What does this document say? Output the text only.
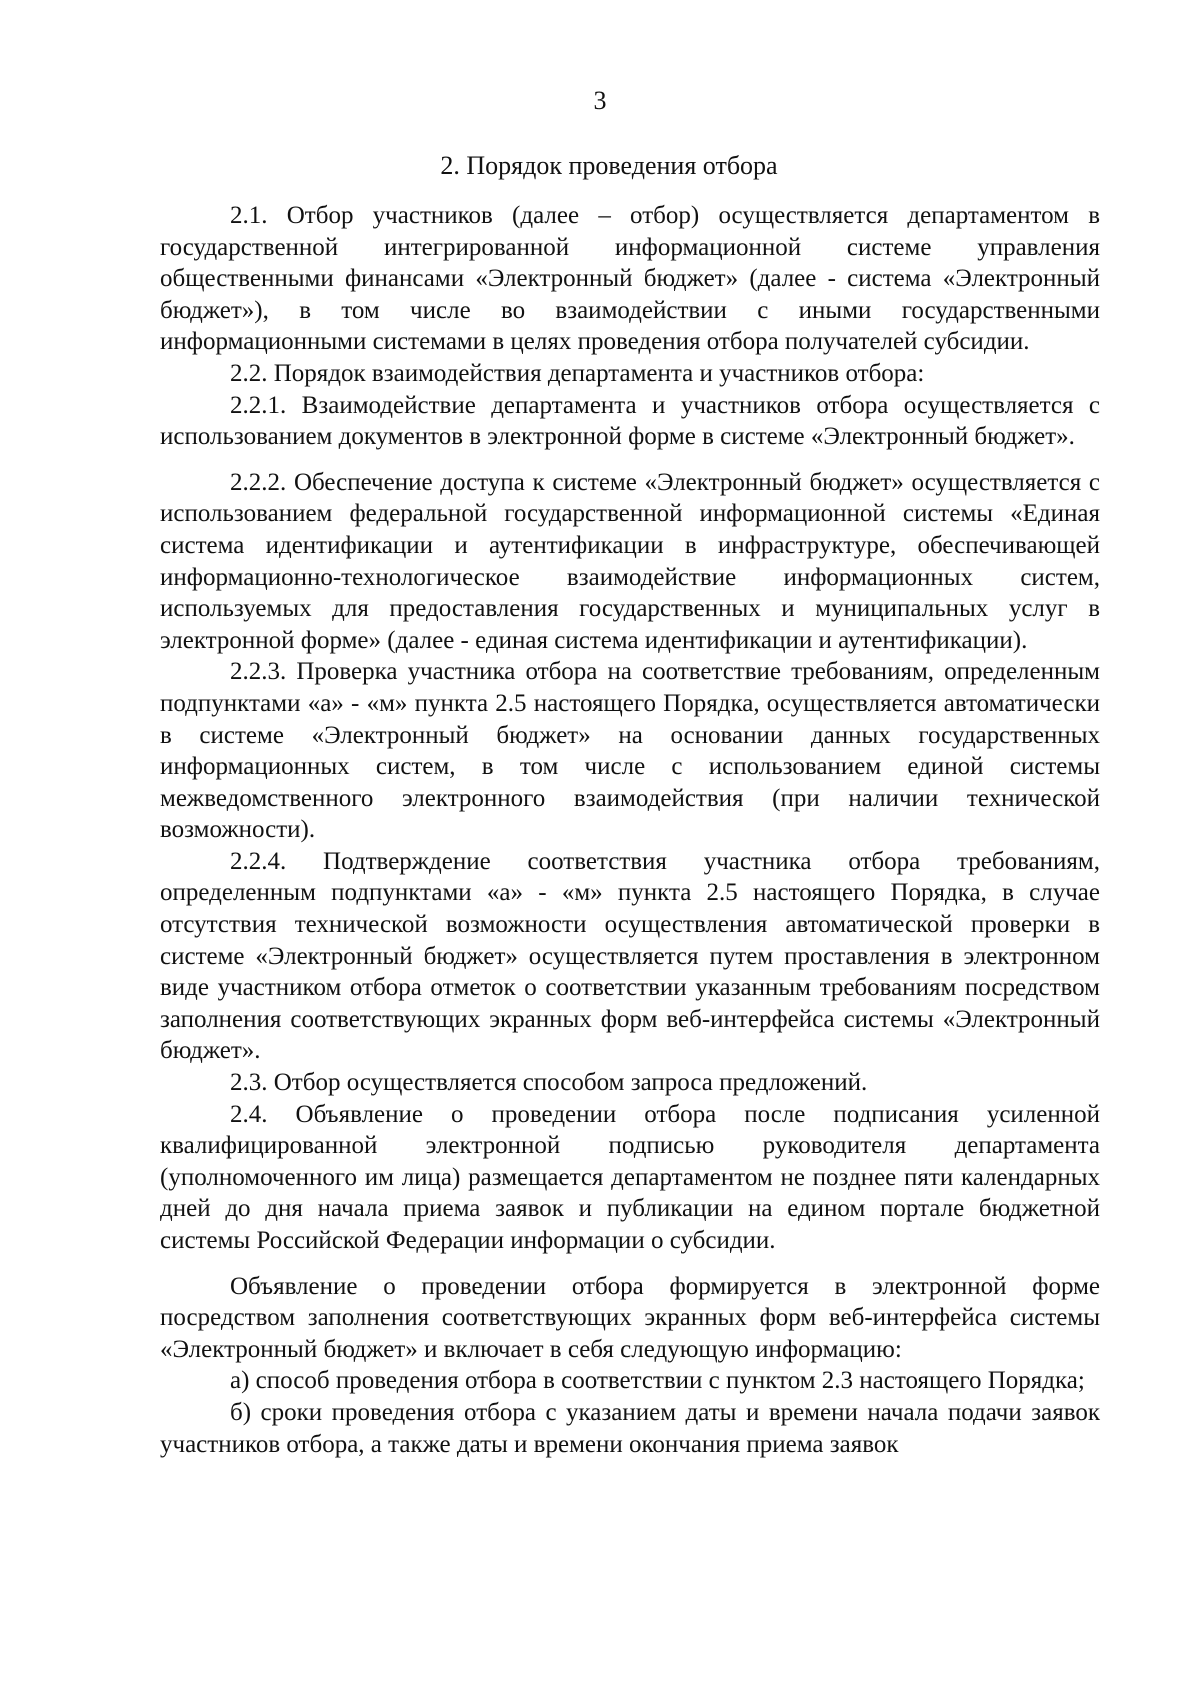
3
2. Порядок проведения отбора

2.1. Отбор участников (далее – отбор) осуществляется департаментом в государственной интегрированной информационной системе управления общественными финансами «Электронный бюджет» (далее - система «Электронный бюджет»), в том числе во взаимодействии с иными государственными информационными системами в целях проведения отбора получателей субсидии.

2.2. Порядок взаимодействия департамента и участников отбора:

2.2.1. Взаимодействие департамента и участников отбора осуществляется с использованием документов в электронной форме в системе «Электронный бюджет».

2.2.2. Обеспечение доступа к системе «Электронный бюджет» осуществляется с использованием федеральной государственной информационной системы «Единая система идентификации и аутентификации в инфраструктуре, обеспечивающей информационно-технологическое взаимодействие информационных систем, используемых для предоставления государственных и муниципальных услуг в электронной форме» (далее - единая система идентификации и аутентификации).

2.2.3. Проверка участника отбора на соответствие требованиям, определенным подпунктами «а» - «м» пункта 2.5 настоящего Порядка, осуществляется автоматически в системе «Электронный бюджет» на основании данных государственных информационных систем, в том числе с использованием единой системы межведомственного электронного взаимодействия (при наличии технической возможности).

2.2.4. Подтверждение соответствия участника отбора требованиям, определенным подпунктами «а» - «м» пункта 2.5 настоящего Порядка, в случае отсутствия технической возможности осуществления автоматической проверки в системе «Электронный бюджет» осуществляется путем проставления в электронном виде участником отбора отметок о соответствии указанным требованиям посредством заполнения соответствующих экранных форм веб-интерфейса системы «Электронный бюджет».

2.3. Отбор осуществляется способом запроса предложений.

2.4. Объявление о проведении отбора после подписания усиленной квалифицированной электронной подписью руководителя департамента (уполномоченного им лица) размещается департаментом не позднее пяти календарных дней до дня начала приема заявок и публикации на едином портале бюджетной системы Российской Федерации информации о субсидии.

Объявление о проведении отбора формируется в электронной форме посредством заполнения соответствующих экранных форм веб-интерфейса системы «Электронный бюджет» и включает в себя следующую информацию:

а) способ проведения отбора в соответствии с пунктом 2.3 настоящего Порядка;

б) сроки проведения отбора с указанием даты и времени начала подачи заявок участников отбора, а также даты и времени окончания приема заявок
